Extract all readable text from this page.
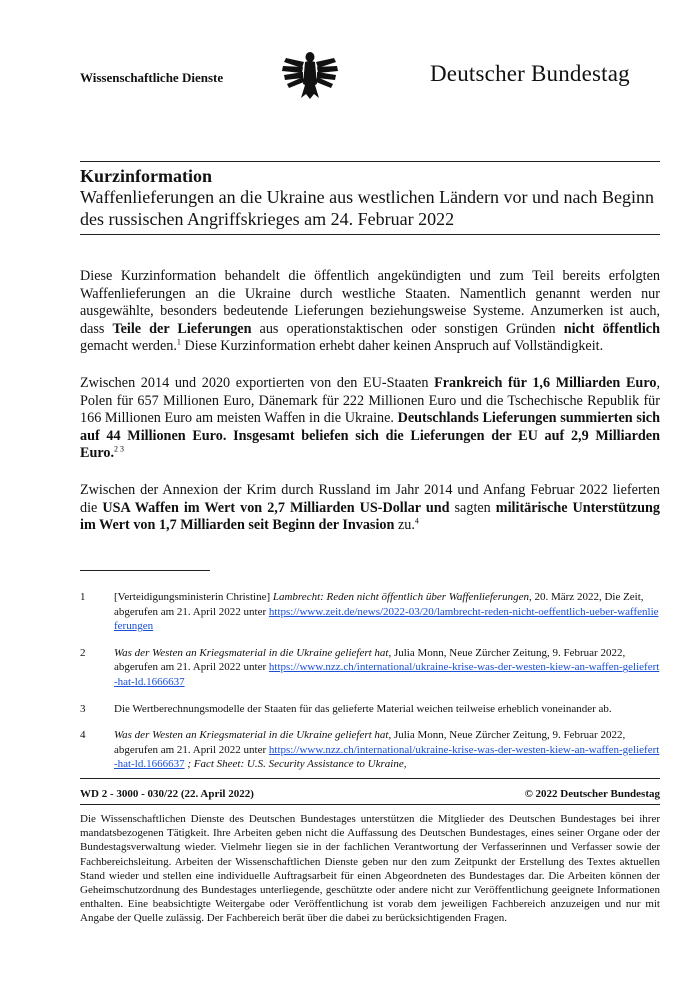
Wissenschaftliche Dienste	Deutscher Bundestag
Kurzinformation
Waffenlieferungen an die Ukraine aus westlichen Ländern vor und nach Beginn des russischen Angriffskrieges am 24. Februar 2022

Diese Kurzinformation behandelt die öffentlich angekündigten und zum Teil bereits erfolgten Waffenlieferungen an die Ukraine durch westliche Staaten. Namentlich genannt werden nur ausgewählte, besonders bedeutende Lieferungen beziehungsweise Systeme. Anzumerken ist auch, dass Teile der Lieferungen aus operationstaktischen oder sonstigen Gründen nicht öffentlich gemacht werden.$^1$ Diese Kurzinformation erhebt daher keinen Anspruch auf Vollständigkeit.

Zwischen 2014 und 2020 exportierten von den EU-Staaten Frankreich für 1,6 Milliarden Euro, Polen für 657 Millionen Euro, Dänemark für 222 Millionen Euro und die Tschechische Republik für 166 Millionen Euro am meisten Waffen in die Ukraine. Deutschlands Lieferungen summierten sich auf 44 Millionen Euro. Insgesamt beliefen sich die Lieferungen der EU auf 2,9 Milliarden Euro.$^{2 3}$

Zwischen der Annexion der Krim durch Russland im Jahr 2014 und Anfang Februar 2022 lieferten die USA Waffen im Wert von 2,7 Milliarden US-Dollar und sagten militärische Unterstützung im Wert von 1,7 Milliarden seit Beginn der Invasion zu.$^4$

1	[Verteidigungsministerin Christine] Lambrecht: Reden nicht öffentlich über Waffenlieferungen, 20. März 2022, Die Zeit, abgerufen am 21. April 2022 unter https://www.zeit.de/news/2022-03/20/lambrecht-reden-nicht-oeffentlich-ueber-waffenlieferungen
2	Was der Westen an Kriegsmaterial in die Ukraine geliefert hat, Julia Monn, Neue Zürcher Zeitung, 9. Februar 2022, abgerufen am 21. April 2022 unter https://www.nzz.ch/international/ukraine-krise-was-der-westen-kiew-an-waffen-geliefert-hat-ld.1666637
3	Die Wertberechnungsmodelle der Staaten für das gelieferte Material weichen teilweise erheblich voneinander ab.
4	Was der Westen an Kriegsmaterial in die Ukraine geliefert hat, Julia Monn, Neue Zürcher Zeitung, 9. Februar 2022, abgerufen am 21. April 2022 unter https://www.nzz.ch/international/ukraine-krise-was-der-westen-kiew-an-waffen-geliefert-hat-ld.1666637 ; Fact Sheet: U.S. Security Assistance to Ukraine,
WD 2 - 3000 - 030/22 (22. April 2022)	© 2022 Deutscher Bundestag
Die Wissenschaftlichen Dienste des Deutschen Bundestages unterstützen die Mitglieder des Deutschen Bundestages bei ihrer mandatsbezogenen Tätigkeit. Ihre Arbeiten geben nicht die Auffassung des Deutschen Bundestages, eines seiner Organe oder der Bundestagsverwaltung wieder. Vielmehr liegen sie in der fachlichen Verantwortung der Verfasserinnen und Verfasser sowie der Fachbereichsleitung. Arbeiten der Wissenschaftlichen Dienste geben nur den zum Zeitpunkt der Erstellung des Textes aktuellen Stand wieder und stellen eine individuelle Auftragsarbeit für einen Abgeordneten des Bundestages dar. Die Arbeiten können der Geheimschutzordnung des Bundestages unterliegende, geschützte oder andere nicht zur Veröffentlichung geeignete Informationen enthalten. Eine beabsichtigte Weitergabe oder Veröffentlichung ist vorab dem jeweiligen Fachbereich anzuzeigen und nur mit Angabe der Quelle zulässig. Der Fachbereich berät über die dabei zu berücksichtigenden Fragen.
